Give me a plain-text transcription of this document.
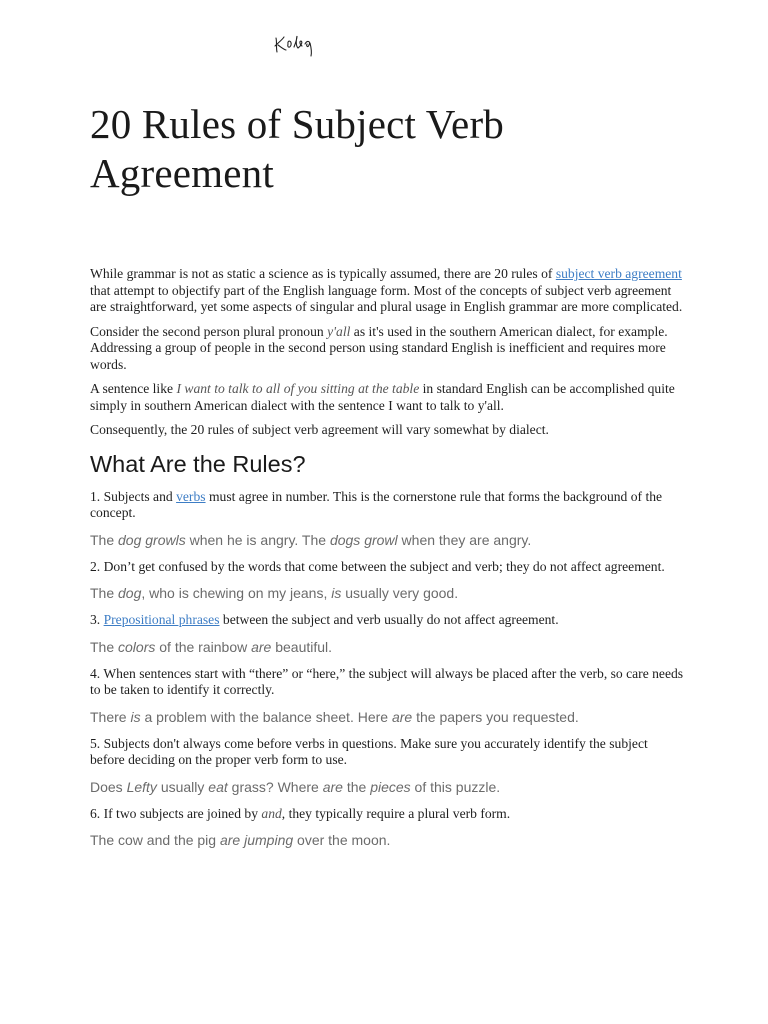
20 Rules of Subject Verb Agreement

While grammar is not as static a science as is typically assumed, there are 20 rules of subject verb agreement that attempt to objectify part of the English language form. Most of the concepts of subject verb agreement are straightforward, yet some aspects of singular and plural usage in English grammar are more complicated.

Consider the second person plural pronoun y'all as it's used in the southern American dialect, for example. Addressing a group of people in the second person using standard English is inefficient and requires more words.

A sentence like I want to talk to all of you sitting at the table in standard English can be accomplished quite simply in southern American dialect with the sentence I want to talk to y'all.

Consequently, the 20 rules of subject verb agreement will vary somewhat by dialect.

What Are the Rules?

1. Subjects and verbs must agree in number. This is the cornerstone rule that forms the background of the concept.

The dog growls when he is angry. The dogs growl when they are angry.

2. Don’t get confused by the words that come between the subject and verb; they do not affect agreement.

The dog, who is chewing on my jeans, is usually very good.

3. Prepositional phrases between the subject and verb usually do not affect agreement.

The colors of the rainbow are beautiful.

4. When sentences start with “there” or “here,” the subject will always be placed after the verb, so care needs to be taken to identify it correctly.

There is a problem with the balance sheet. Here are the papers you requested.

5. Subjects don't always come before verbs in questions. Make sure you accurately identify the subject before deciding on the proper verb form to use.

Does Lefty usually eat grass? Where are the pieces of this puzzle.

6. If two subjects are joined by and, they typically require a plural verb form.

The cow and the pig are jumping over the moon.
